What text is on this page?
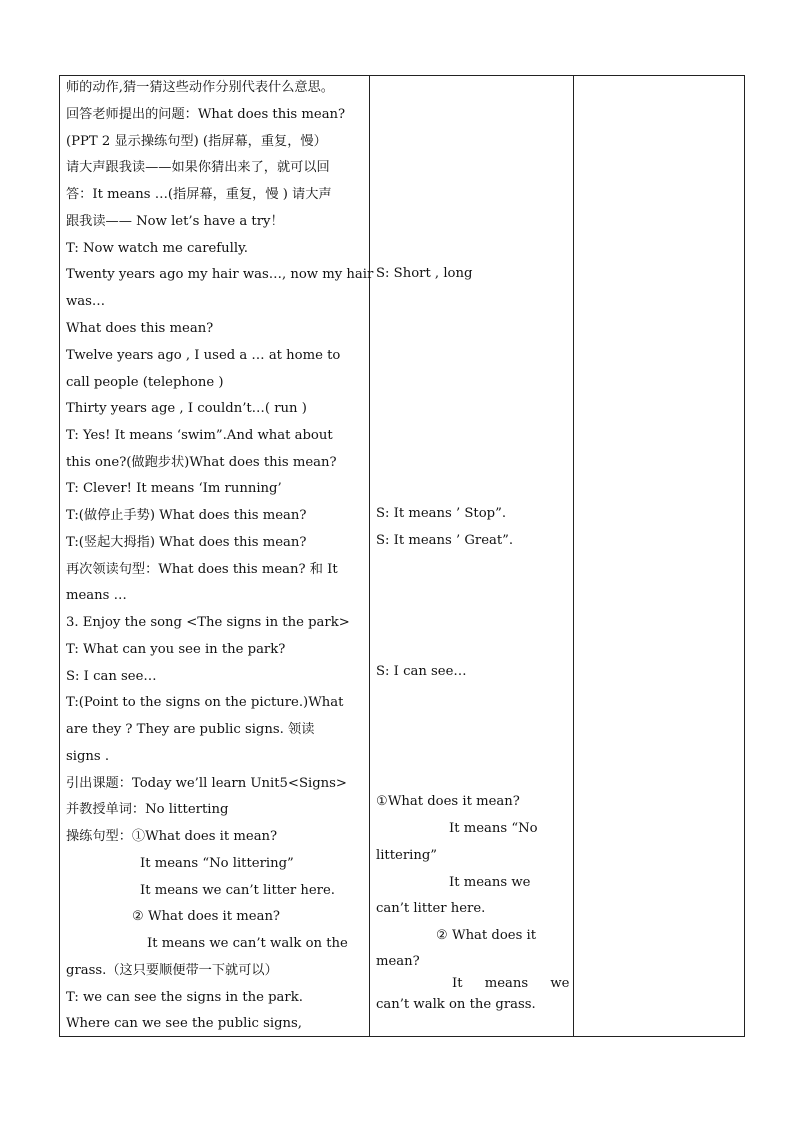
师的动作,猜一猜这些动作分别代表什么意思。
回答老师提出的问题：What does this mean?
(PPT 2 显示操练句型) (指屏幕，重复，慢）
请大声跟我读——如果你猜出来了，就可以回
答：It means …(指屏幕，重复，慢 ) 请大声
跟我读—— Now let’s have a try！
T: Now watch me carefully.
Twenty years ago my hair was…, now my hair
was…
What does this mean?
Twelve years ago , I used a … at home to
call people (telephone )
Thirty years age , I couldn’t…( run )
T: Yes! It means ‘swim”.And what about
this one?(做跑步状)What does this mean?
T: Clever! It means ‘Im running’
T:(做停止手势) What does this mean?
T:(竖起大拇指) What does this mean?
再次领读句型：What does this mean? 和 It
means …
3. Enjoy the song <The signs in the park>
T: What can you see in the park?
S: I can see…
T:(Point to the signs on the picture.)What
are they ? They are public signs. 领读
signs .
引出课题：Today we’ll learn Unit5<Signs>
并教授单词：No litterting
操练句型：①What does it mean?
It means “No littering”
It means we can’t litter here.
② What does it mean?
It means we can’t walk on the
grass.（这只要顺便带一下就可以）
T: we can see the signs in the park.
Where can we see the public signs,
S: Short , long
S: It means ’ Stop”.
S: It means ’ Great”.
S: I can see…
①What does it mean?
It means “No
littering”
It means we
can’t litter here.
② What does it
mean?
It means we
can’t walk on the grass.
